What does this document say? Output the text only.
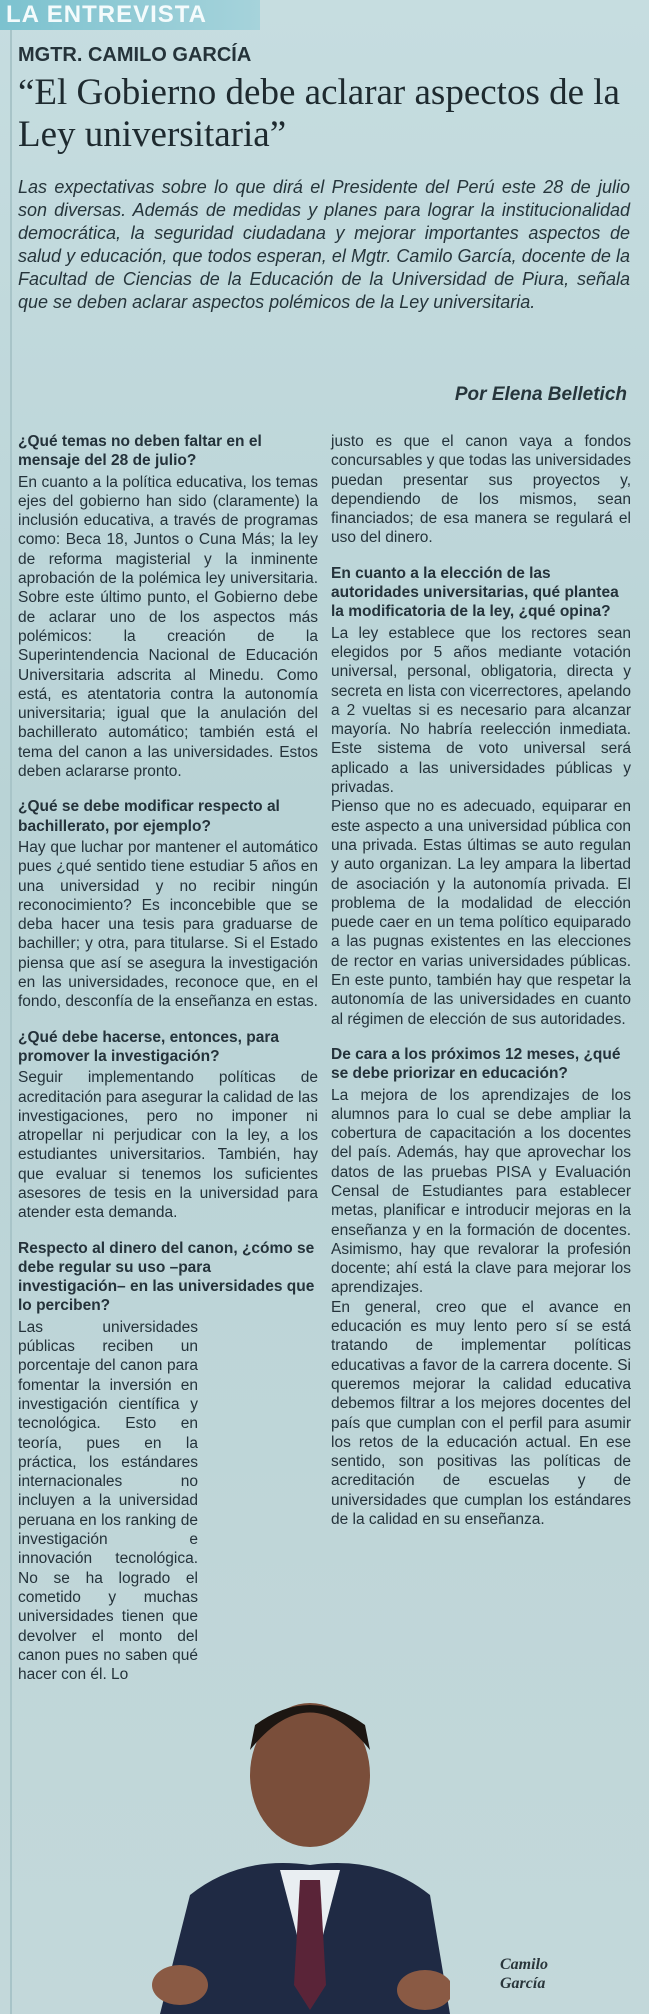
LA ENTREVISTA
MGTR. CAMILO GARCÍA
“El Gobierno debe aclarar aspectos de la Ley universitaria”
Las expectativas sobre lo que dirá el Presidente del Perú este 28 de julio son diversas. Además de medidas y planes para lograr la institucionalidad democrática, la seguridad ciudadana y mejorar importantes aspectos de salud y educación, que todos esperan, el Mgtr. Camilo García, docente de la Facultad de Ciencias de la Educación de la Universidad de Piura, señala que se deben aclarar aspectos polémicos de la Ley universitaria.
Por Elena Belletich

¿Qué temas no deben faltar en el mensaje del 28 de julio?

En cuanto a la política educativa, los temas ejes del gobierno han sido (claramente) la inclusión educativa, a través de programas como: Beca 18, Juntos o Cuna Más; la ley de reforma magisterial y la inminente aprobación de la polémica ley universitaria. Sobre este último punto, el Gobierno debe de aclarar uno de los aspectos más polémicos: la creación de la Superintendencia Nacional de Educación Universitaria adscrita al Minedu. Como está, es atentatoria contra la autonomía universitaria; igual que la anulación del bachillerato automático; también está el tema del canon a las universidades. Estos deben aclararse pronto.

¿Qué se debe modificar respecto al bachillerato, por ejemplo?

Hay que luchar por mantener el automático pues ¿qué sentido tiene estudiar 5 años en una universidad y no recibir ningún reconocimiento? Es inconcebible que se deba hacer una tesis para graduarse de bachiller; y otra, para titularse. Si el Estado piensa que así se asegura la investigación en las universidades, reconoce que, en el fondo, desconfía de la enseñanza en estas.

¿Qué debe hacerse, entonces, para promover la investigación?

Seguir implementando políticas de acreditación para asegurar la calidad de las investigaciones, pero no imponer ni atropellar ni perjudicar con la ley, a los estudiantes universitarios. También, hay que evaluar si tenemos los suficientes asesores de tesis en la universidad para atender esta demanda.

Respecto al dinero del canon, ¿cómo se debe regular su uso –para investigación– en las universidades que lo perciben?

Las universidades públicas reciben un porcentaje del canon para fomentar la inversión en investigación científica y tecnológica. Esto en teoría, pues en la práctica, los estándares internacionales no incluyen a la universidad peruana en los ranking de investigación e innovación tecnológica. No se ha logrado el cometido y muchas universidades tienen que devolver el monto del canon pues no saben qué hacer con él. Lo

justo es que el canon vaya a fondos concursables y que todas las universidades puedan presentar sus proyectos y, dependiendo de los mismos, sean financiados; de esa manera se regulará el uso del dinero.

En cuanto a la elección de las autoridades universitarias, qué plantea la modificatoria de la ley, ¿qué opina?

La ley establece que los rectores sean elegidos por 5 años mediante votación universal, personal, obligatoria, directa y secreta en lista con vicerrectores, apelando a 2 vueltas si es necesario para alcanzar mayoría. No habría reelección inmediata. Este sistema de voto universal será aplicado a las universidades públicas y privadas.
Pienso que no es adecuado, equiparar en este aspecto a una universidad pública con una privada. Estas últimas se auto regulan y auto organizan. La ley ampara la libertad de asociación y la autonomía privada. El problema de la modalidad de elección puede caer en un tema político equiparado a las pugnas existentes en las elecciones de rector en varias universidades públicas. En este punto, también hay que respetar la autonomía de las universidades en cuanto al régimen de elección de sus autoridades.

De cara a los próximos 12 meses, ¿qué se debe priorizar en educación?

La mejora de los aprendizajes de los alumnos para lo cual se debe ampliar la cobertura de capacitación a los docentes del país. Además, hay que aprovechar los datos de las pruebas PISA y Evaluación Censal de Estudiantes para establecer metas, planificar e introducir mejoras en la enseñanza y en la formación de docentes. Asimismo, hay que revalorar la profesión docente; ahí está la clave para mejorar los aprendizajes.
En general, creo que el avance en educación es muy lento pero sí se está tratando de implementar políticas educativas a favor de la carrera docente. Si queremos mejorar la calidad educativa debemos filtrar a los mejores docentes del país que cumplan con el perfil para asumir los retos de la educación actual. En ese sentido, son positivas las políticas de acreditación de escuelas y de universidades que cumplan los estándares de la calidad en su enseñanza.

Camilo García
